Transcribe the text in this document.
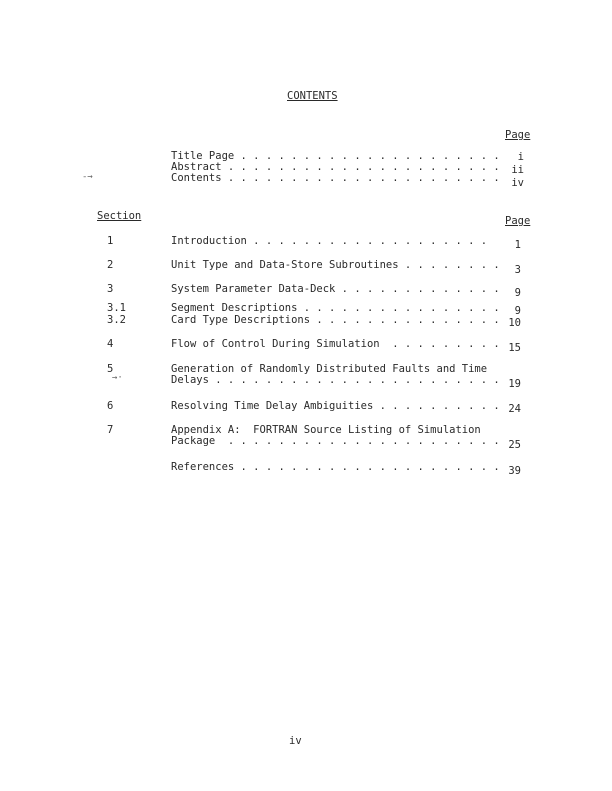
CONTENTS
Page
Section	Page
iv
-→
→·
Title Page . . . . . . . . . . . . . . . . . . . . .	i
Abstract . . . . . . . . . . . . . . . . . . . . . .	ii
Contents . . . . . . . . . . . . . . . . . . . . . .	iv
1	Introduction . . . . . . . . . . . . . . . . . . .	1
2	Unit Type and Data-Store Subroutines . . . . . . . .	3
3	System Parameter Data-Deck . . . . . . . . . . . . .	9
3.1	Segment Descriptions . . . . . . . . . . . . . . . .	9
3.2	Card Type Descriptions . . . . . . . . . . . . . . . 10
4	Flow of Control During Simulation  . . . . . . . . . 15
5	Generation of Randomly Distributed Faults and Time
Delays . . . . . . . . . . . . . . . . . . . . . . . 19
6	Resolving Time Delay Ambiguities . . . . . . . . . . 24
7	Appendix A:  FORTRAN Source Listing of Simulation
Package  . . . . . . . . . . . . . . . . . . . . . . 25
References . . . . . . . . . . . . . . . . . . . . . 39
